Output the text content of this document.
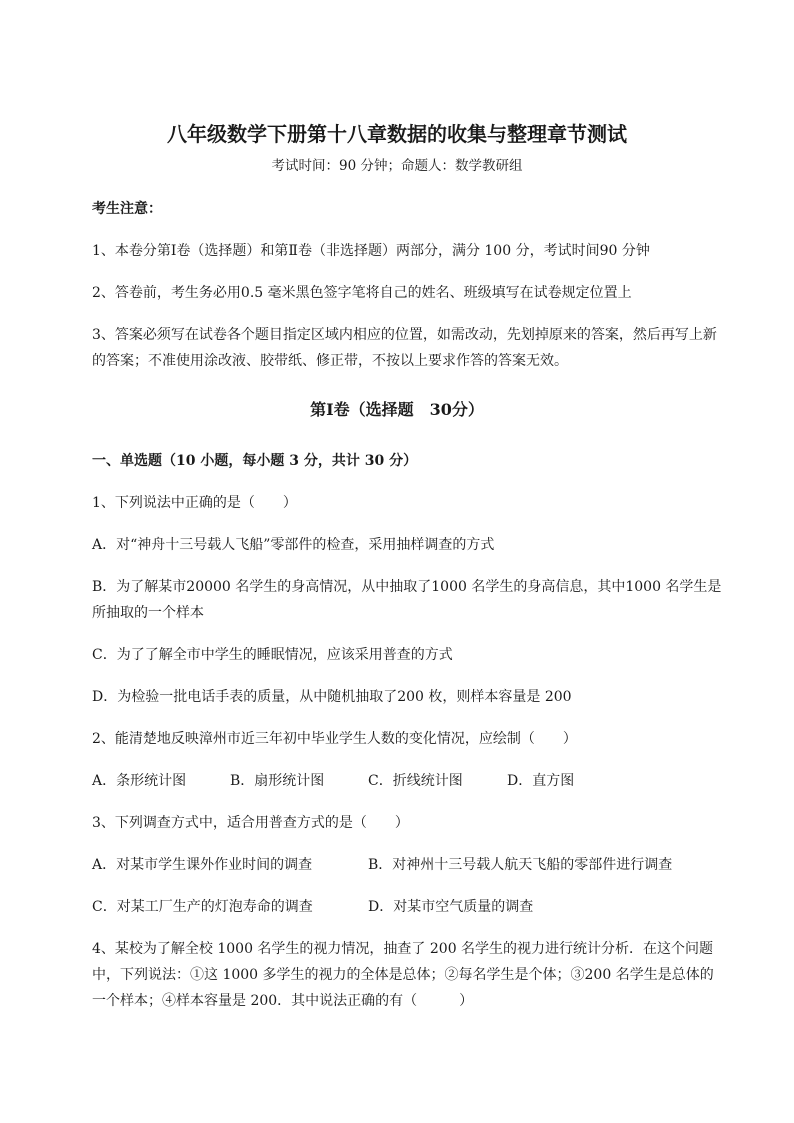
八年级数学下册第十八章数据的收集与整理章节测试
考试时间：90 分钟；命题人：数学教研组
考生注意：
1、本卷分第Ⅰ卷（选择题）和第Ⅱ卷（非选择题）两部分，满分 100 分，考试时间90 分钟
2、答卷前，考生务必用0.5 毫米黑色签字笔将自己的姓名、班级填写在试卷规定位置上
3、答案必须写在试卷各个题目指定区域内相应的位置，如需改动，先划掉原来的答案，然后再写上新
的答案；不准使用涂改液、胶带纸、修正带，不按以上要求作答的答案无效。
第Ⅰ卷（选择题　30分）
一、单选题（10 小题，每小题 3 分，共计 30 分）
1、下列说法中正确的是（　　）
A．对“神舟十三号载人飞船”零部件的检查，采用抽样调查的方式
B．为了解某市20000 名学生的身高情况，从中抽取了1000 名学生的身高信息，其中1000 名学生是
所抽取的一个样本
C．为了了解全市中学生的睡眠情况，应该采用普查的方式
D．为检验一批电话手表的质量，从中随机抽取了200 枚，则样本容量是 200
2、能清楚地反映漳州市近三年初中毕业学生人数的变化情况，应绘制（　　）
A．条形统计图	B．扇形统计图	C．折线统计图	D．直方图
3、下列调查方式中，适合用普查方式的是（　　）
A．对某市学生课外作业时间的调查	B．对神州十三号载人航天飞船的零部件进行调查
C．对某工厂生产的灯泡寿命的调查	D．对某市空气质量的调查
4、某校为了解全校 1000 名学生的视力情况，抽查了 200 名学生的视力进行统计分析．在这个问题
中，下列说法：①这 1000 多学生的视力的全体是总体；②每名学生是个体；③200 名学生是总体的
一个样本；④样本容量是 200．其中说法正确的有（　　　）
